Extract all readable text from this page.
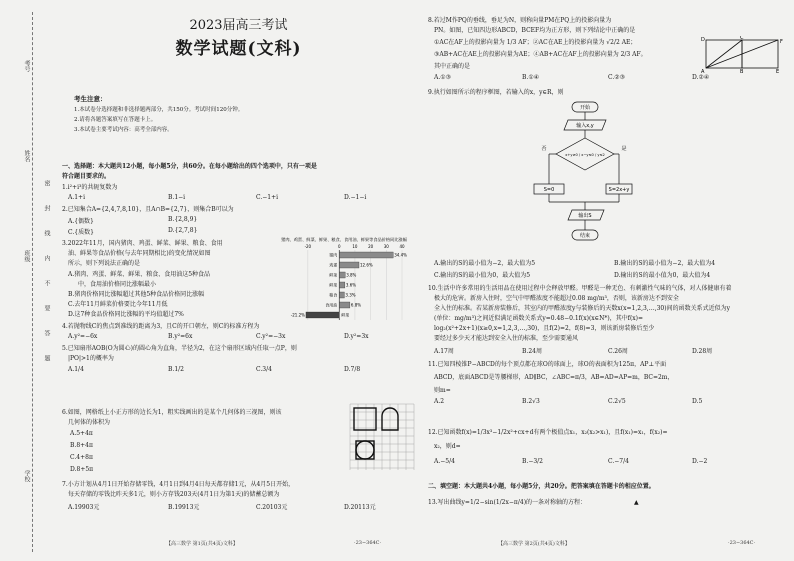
考号
姓名
班级
学校
密
封
线
内
不
要
答
题
2023届高三考试
数学试题(文科)
考生注意：
1.本试卷分选择题和非选择题两部分，共150分。考试时间120分钟。
2.请将各题答案填写在答题卡上。
3.本试卷主要考试内容：高考全部内容。
一、选择题：本大题共12小题，每小题5分，共60分。在每小题给出的四个选项中，只有一项是
符合题目要求的。
1.i²+i³的共轭复数为
A.1+i	B.1−i	C.−1+i	D.−1−i
2.已知集合A={2,4,7,8,10}，且A∩B={2,7}，则集合B可以为
A.{偶数}	B.{2,8,9}
C.{质数}	D.{2,7,8}
3.2022年11月，国内猪肉、鸡蛋、鲜菜、鲜果、粮食、食用
油、鲜果等食品价格(与去年同期相比)的变化情况如图
所示，则下列说法正确的是
A.猪肉、鸡蛋、鲜菜、鲜果、粮食、食用油这5种食品
中，食用油价格同比涨幅最小
B.猪肉价格同比涨幅超过其他5种食品价格同比涨幅
C.去年11月鲜菜价格要比今年11月低
D.这7种食品价格同比涨幅的平均值超过7%
猪肉、鸡蛋、鲜菜、鲜果、粮食、食用油、鲜果等食品价格同比涨幅
-20	0	10	20	30	40
猪肉	34.4%
鸡蛋	12.6%
鲜菜 3.8%
鲜果 3.6%
粮食 3.3%
食用油	6.8%
鲜果
-21.2%
4.若抛物线C的焦点到准线的距离为3，且C的开口朝左，则C的标准方程为
A.y²=−6x	B.y²=6x	C.y²=−3x	D.y²=3x
5.已知扇形AOB(O为圆心)的圆心角为直角，半径为2，在这个扇形区域内任取一点P，则
|PO|>1的概率为
A.1/4	B.1/2	C.3/4	D.7/8
6.如图，网格纸上小正方形的边长为1，粗实线画出的是某个几何体的三视图，则该
几何体的体积为
A.5+4π
B.8+4π
C.4+8π
D.8+5π
7.小方计划从4月1日开始存储零钱，4月1日到4月4日每天都存储1元，从4月5日开始，
每天存储的零钱比昨天多1元，则小方存钱203天(4月1日为第1天)的储蓄总额为
A.19903元	B.19913元	C.20103元	D.20113元
【高三数学 第1页(共4页)文科】	·23−364C·
8.若过M作PQ的垂线，垂足为N，则称向量PM在PQ上的投影向量为
PN。如图，已知四边形ABCD，BCEF均为正方形，则下列结论中正确的是
①AC在AF上的投影向量为 1/3 AF；②AC在AE上的投影向量为 √2/2 AE；
③AB+AC在AE上的投影向量为AE；④AB+AC在AF上的投影向量为 2/3 AF。
其中正确的是
A.①③	B.①④	C.②③	D.②④
A	B	E
F
C
D
9.执行如图所示的程序框图，若输入的x，y∈R，则
开始
输入x,y
x+y≥0 / x−y≤0 / y≤2
否	是
S=2x+y
S=0
输出S
结束
A.输出的S的最小值为−2，最大值为5	B.输出的S的最小值为−2，最大值为4
C.输出的S的最小值为0，最大值为5	D.输出的S的最小值为0，最大值为4
10.生活中许多常用的生活用品在使用过程中会释放甲醛。甲醛是一种无色、有刺激性气味的气体，对人体健康有着
极大的危害。新房入住时，空气中甲醛浓度不能超过0.08 mg/m³，否则，该新房达不到安全
全入住的标准。若某新房装修后，其室内的甲醛浓度y与装修后的天数x(x=1,2,3,…,30)间的函数关系式近似为y
(单位：mg/m³)之间近似满足函数关系式y=0.48−0.1f(x)(x∈N*)，其中f(x)=
log₂(x²+2x+1)(x≥0,x=1,2,3,…,30)，且f(2)=2，f(8)=3，则该新房装修后至少
要经过多少天才能达到安全入住的标准，至少需要通风
A.17周	B.24周	C.26周	D.28周
11.已知四棱锥P−ABCD的每个顶点都在球O的球面上，球O的表面积为125π，AP⊥平面
ABCD，底面ABCD是等腰梯形，AD∥BC，∠ABC=π/3，AB=AD=AP=m，BC=2m，
则m=
A.2	B.2√3	C.2√5	D.5
12.已知函数f(x)=1/3x³−1/2x²+cx+d有两个极值点x₁，x₂(x₂>x₁)，且f(x₁)=x₁，f(x₂)=
x₂，则d=
A.−5/4	B.−3/2	C.−7/4	D.−2
二、填空题：本大题共4小题，每小题5分，共20分。把答案填在答题卡的相应位置。
13.写出曲线y=1/2−sin(1/2x−π/4)的一条对称轴的方程：	▲
【高三数学 第2页(共4页)文科】	·23−364C·
